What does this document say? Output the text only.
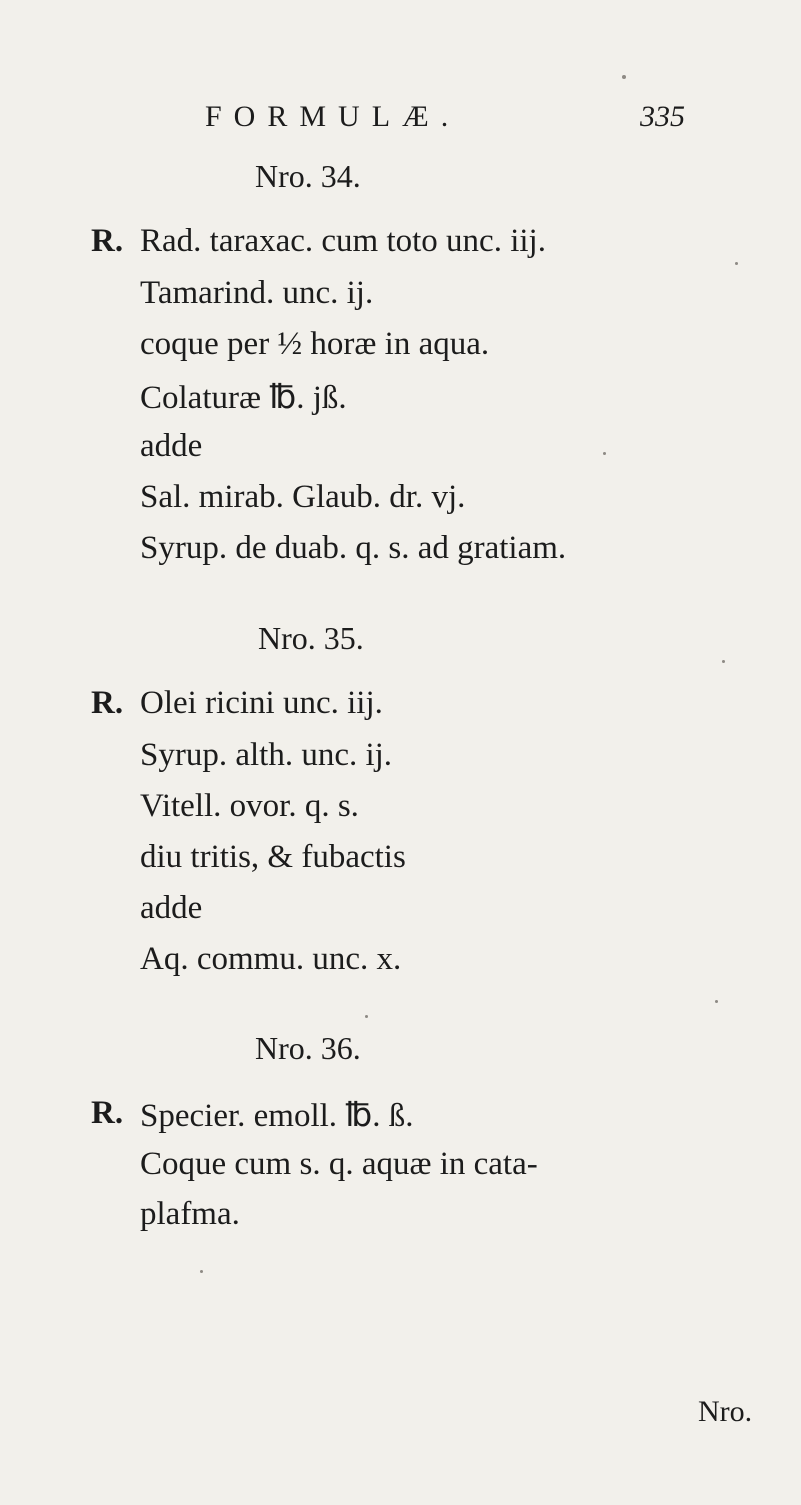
FORMULÆ.	335
Nro. 34.
R. Rad. taraxac. cum toto unc. iij.
Tamarind. unc. ij.
coque per ½ horæ in aqua.
Colaturæ ℔. jß.
adde
Sal. mirab. Glaub. dr. vj.
Syrup. de duab. q. s. ad gratiam.
Nro. 35.
R. Olei ricini unc. iij.
Syrup. alth. unc. ij.
Vitell. ovor. q. s.
diu tritis, & fubactis
adde
Aq. commu. unc. x.
Nro. 36.
R. Specier. emoll. ℔. ß.
Coque cum s. q. aquæ in cata-
plafma.
Nro.
